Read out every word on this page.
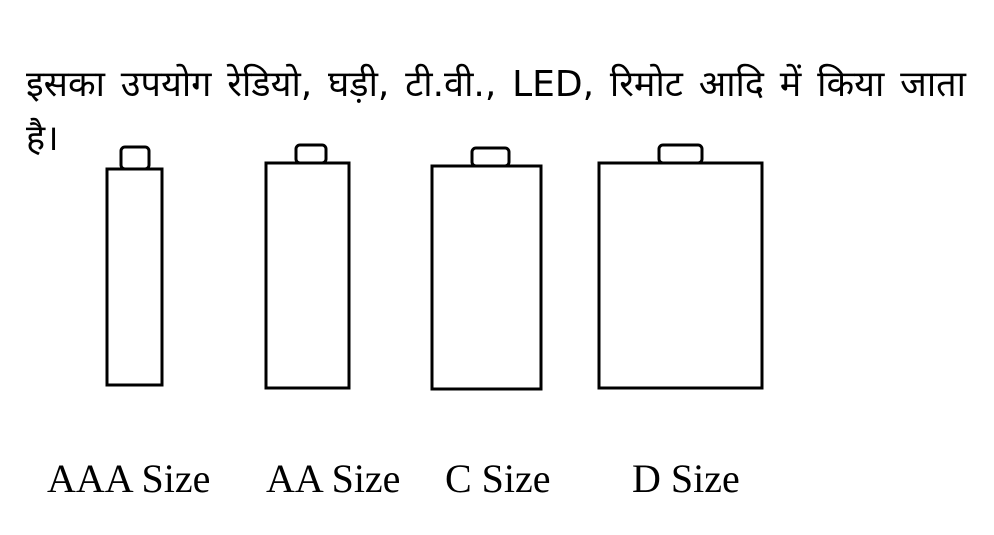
इसका उपयोग रेडियो, घड़ी, टी.वी., LED, रिमोट आदि में किया जाता है।

AAA Size AA Size C Size D Size
